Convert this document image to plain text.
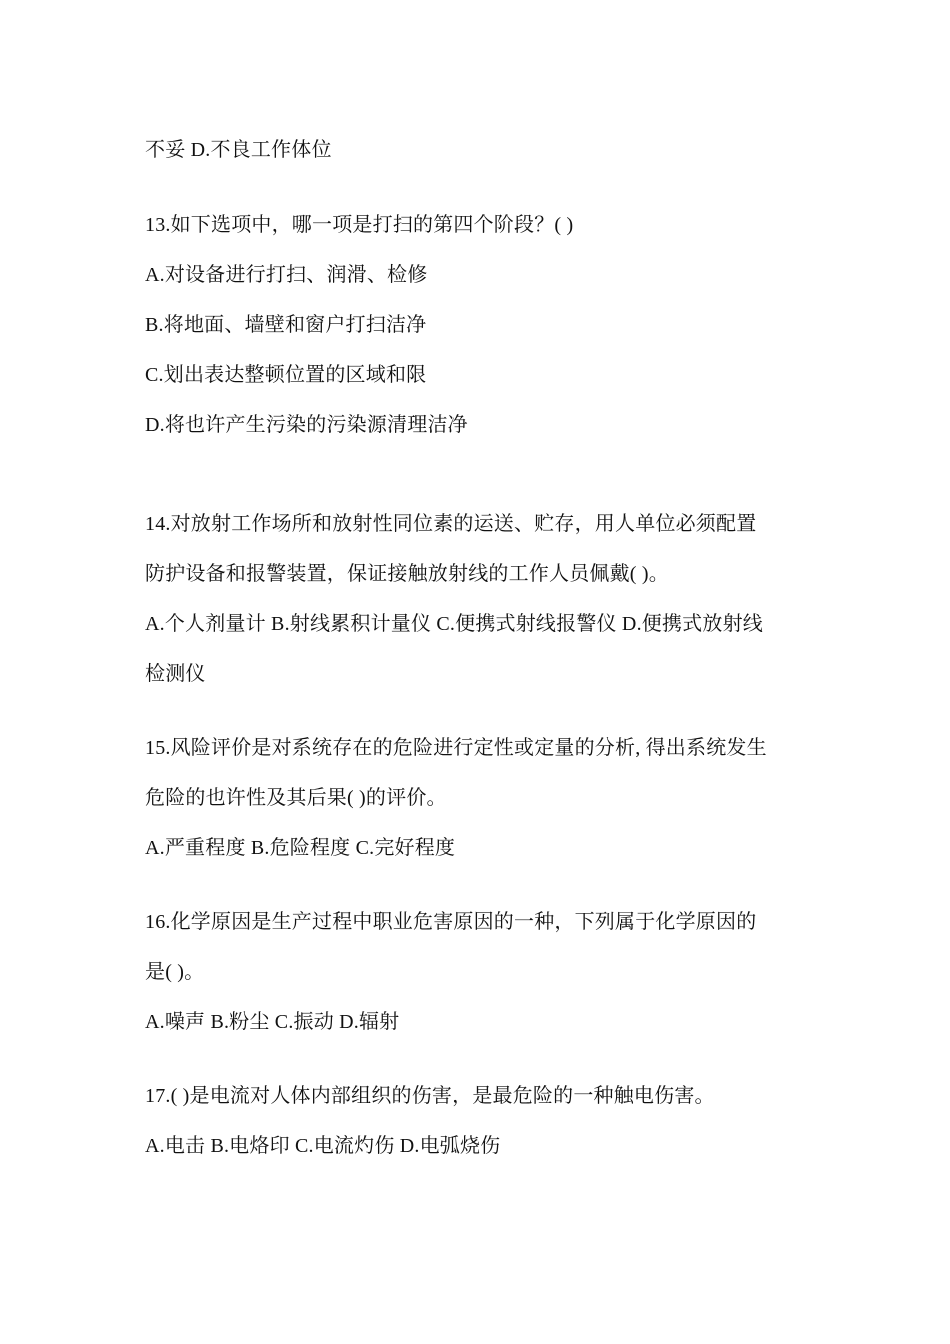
不妥 D.不良工作体位
13.如下选项中，哪一项是打扫的第四个阶段？( )
A.对设备进行打扫、润滑、检修
B.将地面、墙壁和窗户打扫洁净
C.划出表达整顿位置的区域和限
D.将也许产生污染的污染源清理洁净
14.对放射工作场所和放射性同位素的运送、贮存，用人单位必须配置
防护设备和报警装置，保证接触放射线的工作人员佩戴( )。
A.个人剂量计 B.射线累积计量仪 C.便携式射线报警仪 D.便携式放射线
检测仪
15.风险评价是对系统存在的危险进行定性或定量的分析, 得出系统发生
危险的也许性及其后果( )的评价。
A.严重程度 B.危险程度 C.完好程度
16.化学原因是生产过程中职业危害原因的一种，下列属于化学原因的
是( )。
A.噪声 B.粉尘 C.振动 D.辐射
17.( )是电流对人体内部组织的伤害，是最危险的一种触电伤害。
A.电击 B.电烙印 C.电流灼伤 D.电弧烧伤
